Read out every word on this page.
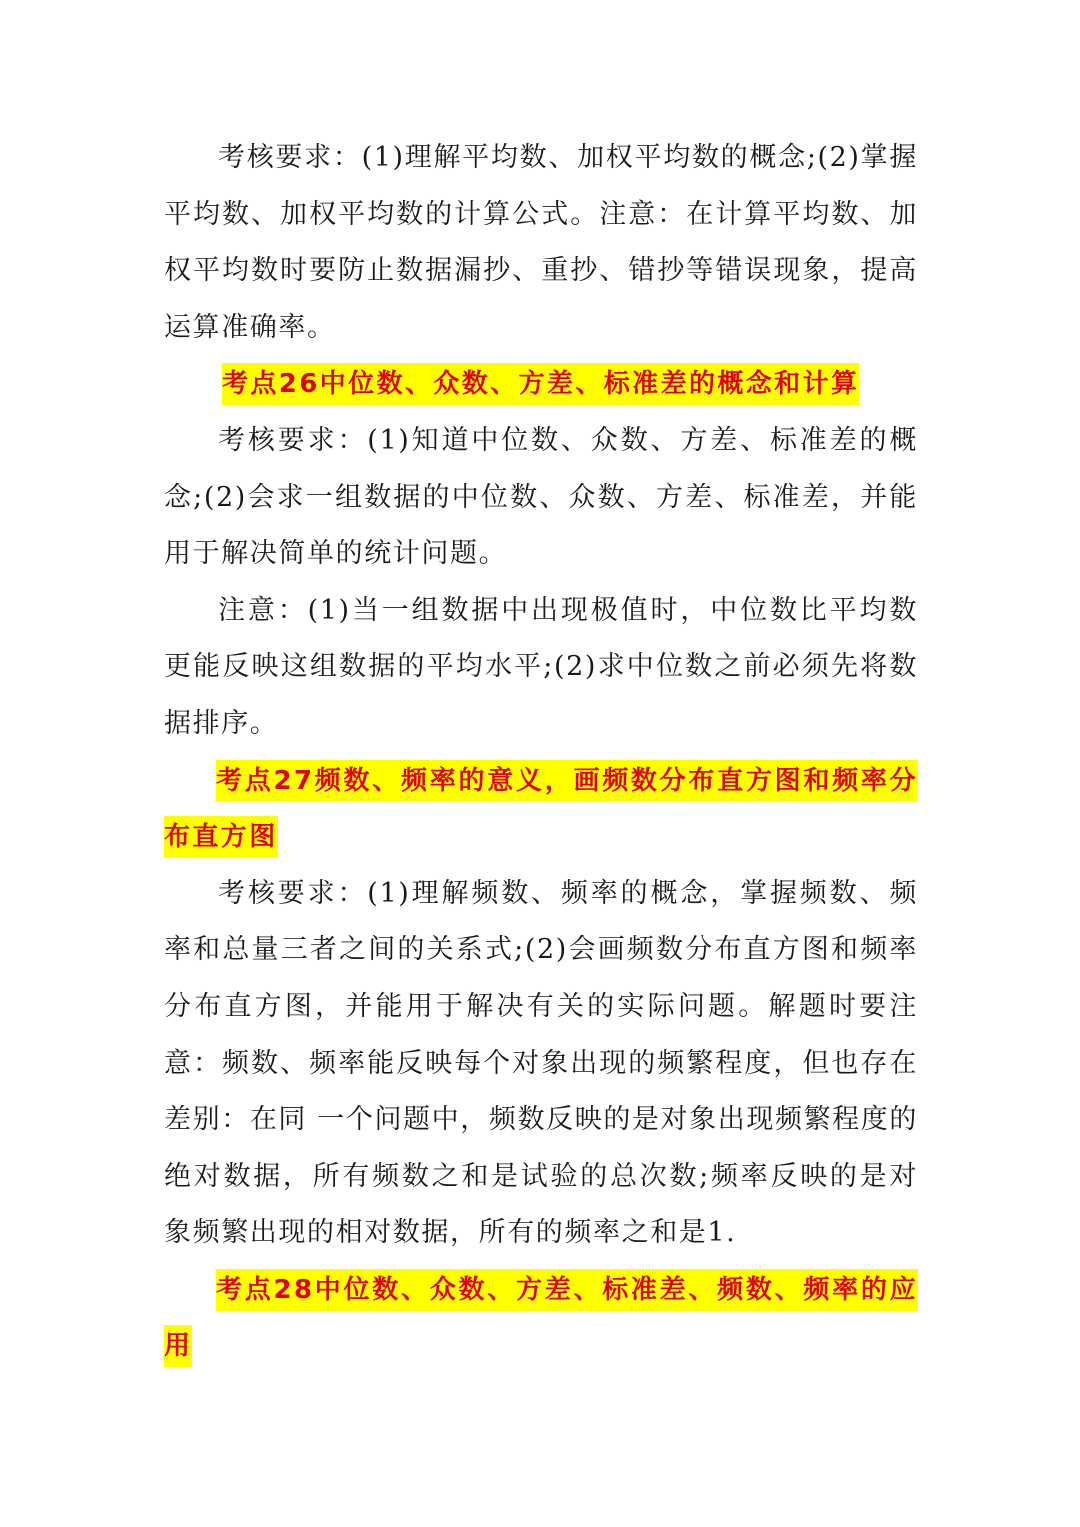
考核要求：(1)理解平均数、加权平均数的概念;(2)掌握平均数、加权平均数的计算公式。注意：在计算平均数、加权平均数时要防止数据漏抄、重抄、错抄等错误现象，提高运算准确率。

考点26中位数、众数、方差、标准差的概念和计算

考核要求：(1)知道中位数、众数、方差、标准差的概念;(2)会求一组数据的中位数、众数、方差、标准差，并能用于解决简单的统计问题。

注意：(1)当一组数据中出现极值时，中位数比平均数更能反映这组数据的平均水平;(2)求中位数之前必须先将数据排序。

考点27频数、频率的意义，画频数分布直方图和频率分布直方图

考核要求：(1)理解频数、频率的概念，掌握频数、频率和总量三者之间的关系式;(2)会画频数分布直方图和频率分布直方图，并能用于解决有关的实际问题。解题时要注意：频数、频率能反映每个对象出现的频繁程度，但也存在差别：在同 一个问题中，频数反映的是对象出现频繁程度的绝对数据，所有频数之和是试验的总次数;频率反映的是对象频繁出现的相对数据，所有的频率之和是1.

考点28中位数、众数、方差、标准差、频数、频率的应用
